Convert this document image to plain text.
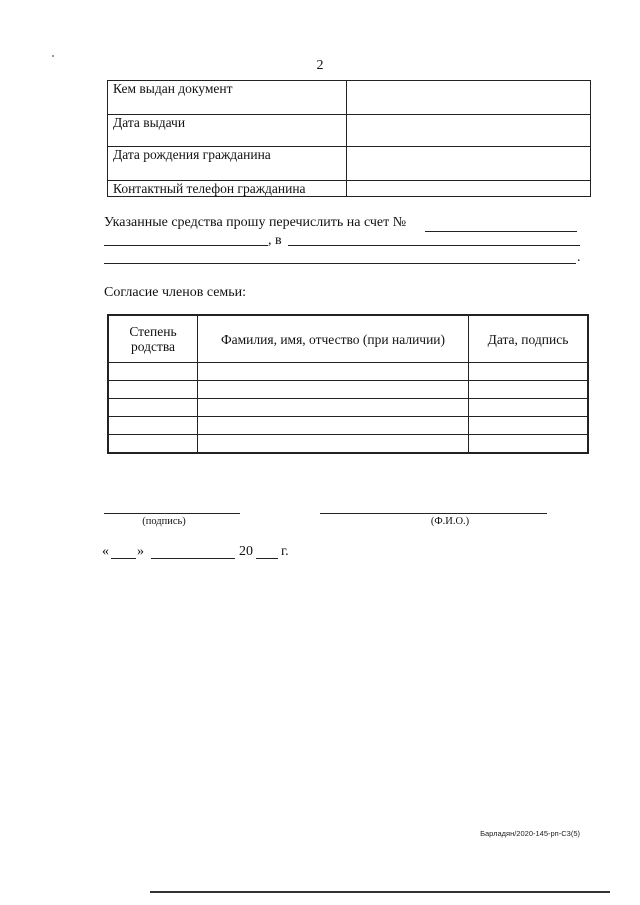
2
Кем выдан документ	
Дата выдачи	
Дата рождения гражданина	
Контактный телефон гражданина	
Указанные средства прошу перечислить на счет №
, в
.
Согласие членов семьи:
Степень родства	Фамилия, имя, отчество (при наличии)	Дата, подпись

(подпись)	(Ф.И.О.)
« »	20 г.
Барладян/2020-145-рп-С3(5)
